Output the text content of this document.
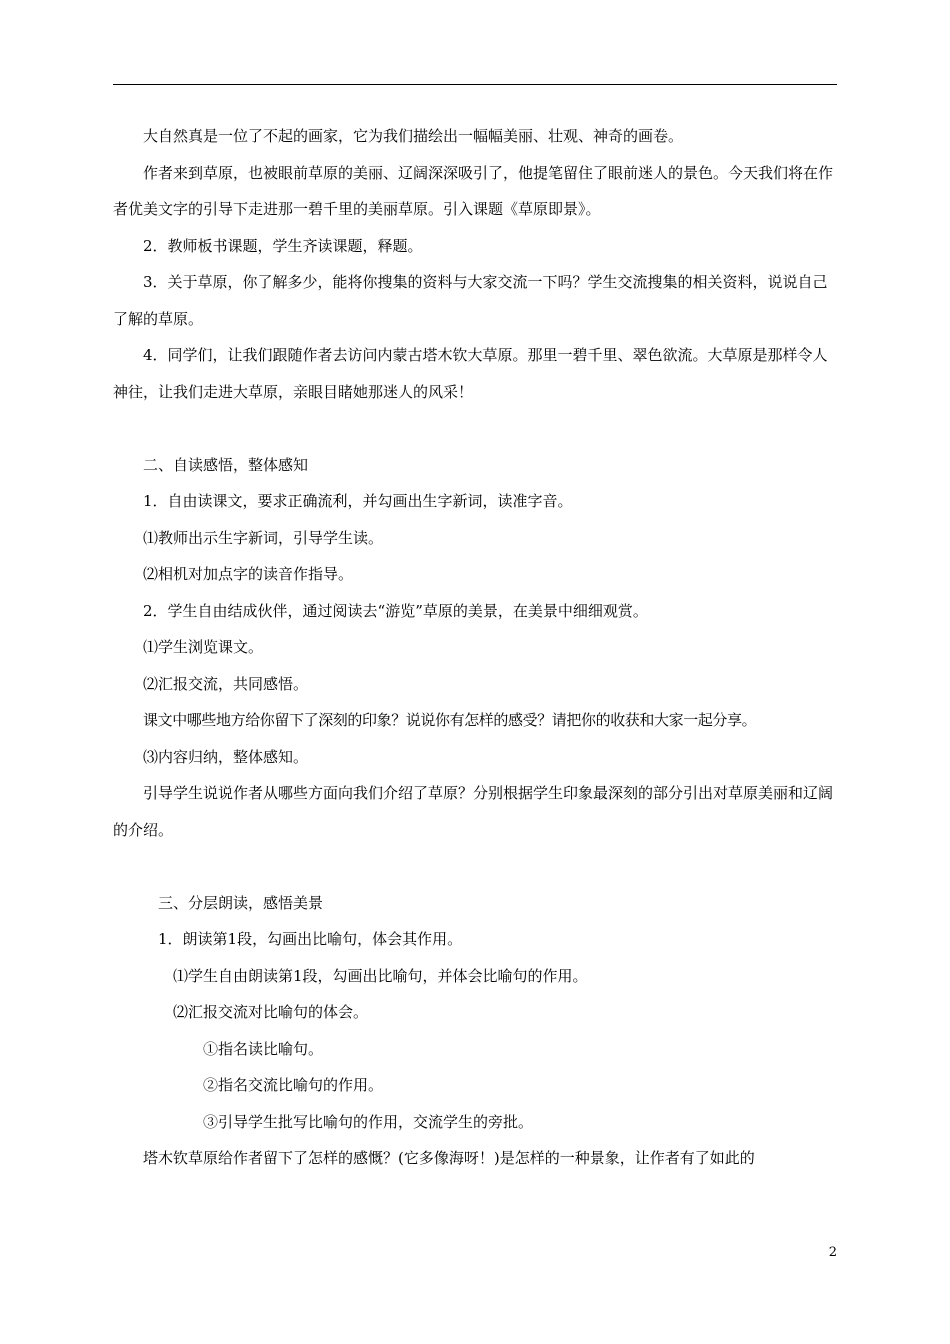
大自然真是一位了不起的画家，它为我们描绘出一幅幅美丽、壮观、神奇的画卷。

作者来到草原，也被眼前草原的美丽、辽阔深深吸引了，他提笔留住了眼前迷人的景色。今天我们将在作者优美文字的引导下走进那一碧千里的美丽草原。引入课题《草原即景》。

2．教师板书课题，学生齐读课题，释题。

3．关于草原，你了解多少，能将你搜集的资料与大家交流一下吗？学生交流搜集的相关资料，说说自己了解的草原。

4．同学们，让我们跟随作者去访问内蒙古塔木钦大草原。那里一碧千里、翠色欲流。大草原是那样令人神往，让我们走进大草原，亲眼目睹她那迷人的风采！

二、自读感悟，整体感知

1．自由读课文，要求正确流利，并勾画出生字新词，读准字音。

⑴教师出示生字新词，引导学生读。

⑵相机对加点字的读音作指导。

2．学生自由结成伙伴，通过阅读去“游览”草原的美景，在美景中细细观赏。

⑴学生浏览课文。

⑵汇报交流，共同感悟。

课文中哪些地方给你留下了深刻的印象？说说你有怎样的感受？请把你的收获和大家一起分享。

⑶内容归纳，整体感知。

引导学生说说作者从哪些方面向我们介绍了草原？分别根据学生印象最深刻的部分引出对草原美丽和辽阔的介绍。

三、分层朗读，感悟美景

1．朗读第1段，勾画出比喻句，体会其作用。

⑴学生自由朗读第1段，勾画出比喻句，并体会比喻句的作用。

⑵汇报交流对比喻句的体会。

①指名读比喻句。

②指名交流比喻句的作用。

③引导学生批写比喻句的作用，交流学生的旁批。

塔木钦草原给作者留下了怎样的感慨？(它多像海呀！)是怎样的一种景象，让作者有了如此的

2
